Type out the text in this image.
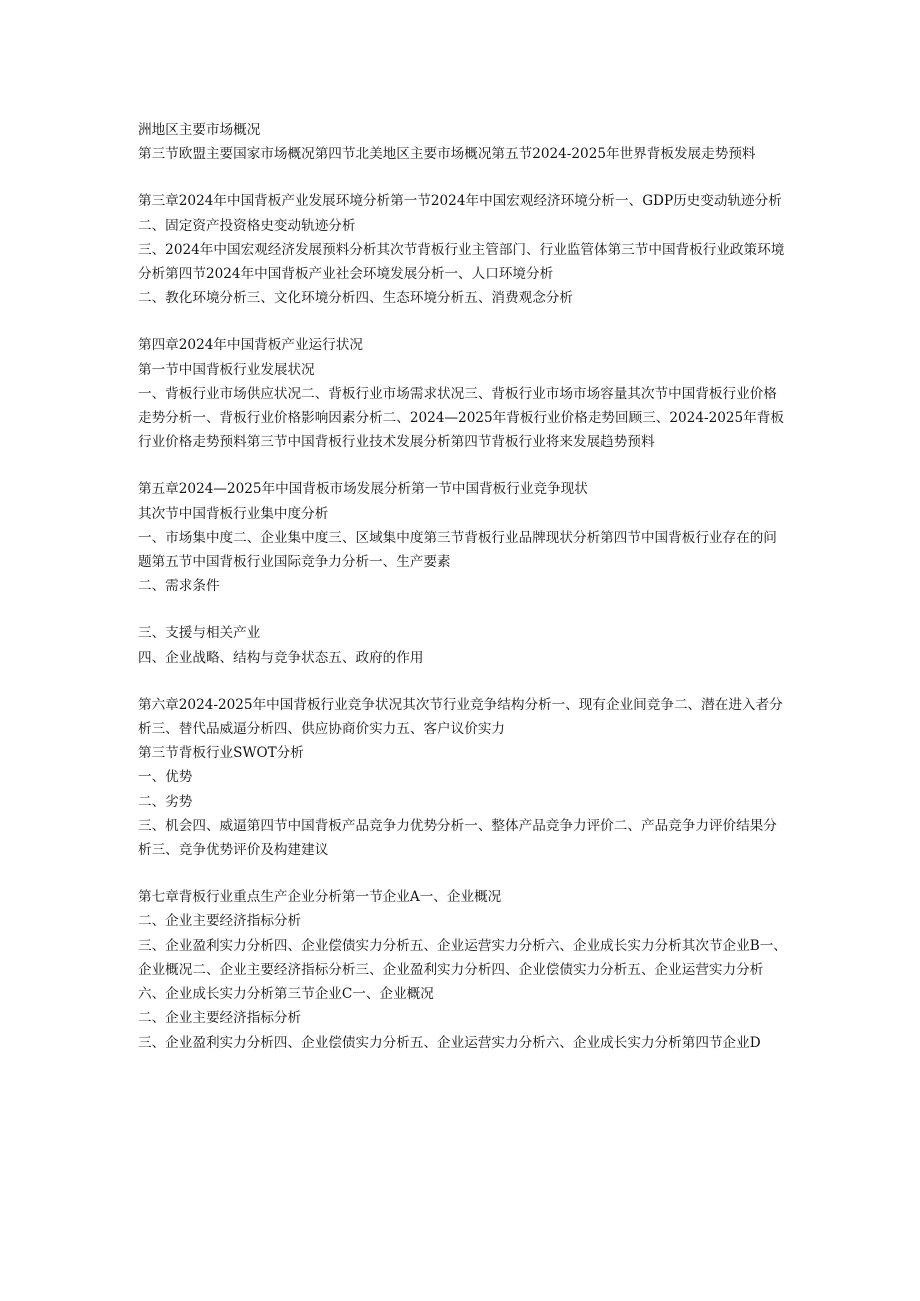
洲地区主要市场概况

第三节欧盟主要国家市场概况第四节北美地区主要市场概况第五节2024-2025年世界背板发展走势预料

第三章2024年中国背板产业发展环境分析第一节2024年中国宏观经济环境分析一、GDP历史变动轨迹分析

二、固定资产投资格史变动轨迹分析

三、2024年中国宏观经济发展预料分析其次节背板行业主管部门、行业监管体第三节中国背板行业政策环境分析第四节2024年中国背板产业社会环境发展分析一、人口环境分析

二、教化环境分析三、文化环境分析四、生态环境分析五、消费观念分析

第四章2024年中国背板产业运行状况

第一节中国背板行业发展状况

一、背板行业市场供应状况二、背板行业市场需求状况三、背板行业市场市场容量其次节中国背板行业价格走势分析一、背板行业价格影响因素分析二、2024—2025年背板行业价格走势回顾三、2024-2025年背板行业价格走势预料第三节中国背板行业技术发展分析第四节背板行业将来发展趋势预料

第五章2024—2025年中国背板市场发展分析第一节中国背板行业竞争现状

其次节中国背板行业集中度分析

一、市场集中度二、企业集中度三、区域集中度第三节背板行业品牌现状分析第四节中国背板行业存在的问题第五节中国背板行业国际竞争力分析一、生产要素

二、需求条件

三、支援与相关产业

四、企业战略、结构与竞争状态五、政府的作用

第六章2024-2025年中国背板行业竞争状况其次节行业竞争结构分析一、现有企业间竞争二、潜在进入者分析三、替代品威逼分析四、供应协商价实力五、客户议价实力

第三节背板行业SWOT分析

一、优势

二、劣势

三、机会四、威逼第四节中国背板产品竞争力优势分析一、整体产品竞争力评价二、产品竞争力评价结果分析三、竞争优势评价及构建建议

第七章背板行业重点生产企业分析第一节企业A一、企业概况

二、企业主要经济指标分析

三、企业盈利实力分析四、企业偿债实力分析五、企业运营实力分析六、企业成长实力分析其次节企业B一、企业概况二、企业主要经济指标分析三、企业盈利实力分析四、企业偿债实力分析五、企业运营实力分析六、企业成长实力分析第三节企业C一、企业概况

二、企业主要经济指标分析

三、企业盈利实力分析四、企业偿债实力分析五、企业运营实力分析六、企业成长实力分析第四节企业D
